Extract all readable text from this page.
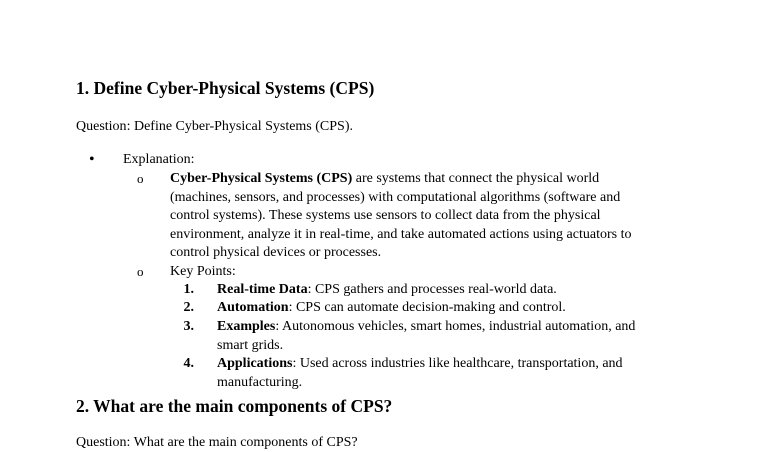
1. Define Cyber-Physical Systems (CPS)
Question: Define Cyber-Physical Systems (CPS).
• Explanation:
o Cyber-Physical Systems (CPS) are systems that connect the physical world
(machines, sensors, and processes) with computational algorithms (software and
control systems). These systems use sensors to collect data from the physical
environment, analyze it in real-time, and take automated actions using actuators to
control physical devices or processes.
o Key Points:
1. Real-time Data: CPS gathers and processes real-world data.
2. Automation: CPS can automate decision-making and control.
3. Examples: Autonomous vehicles, smart homes, industrial automation, and
smart grids.
4. Applications: Used across industries like healthcare, transportation, and
manufacturing.
2. What are the main components of CPS?
Question: What are the main components of CPS?
